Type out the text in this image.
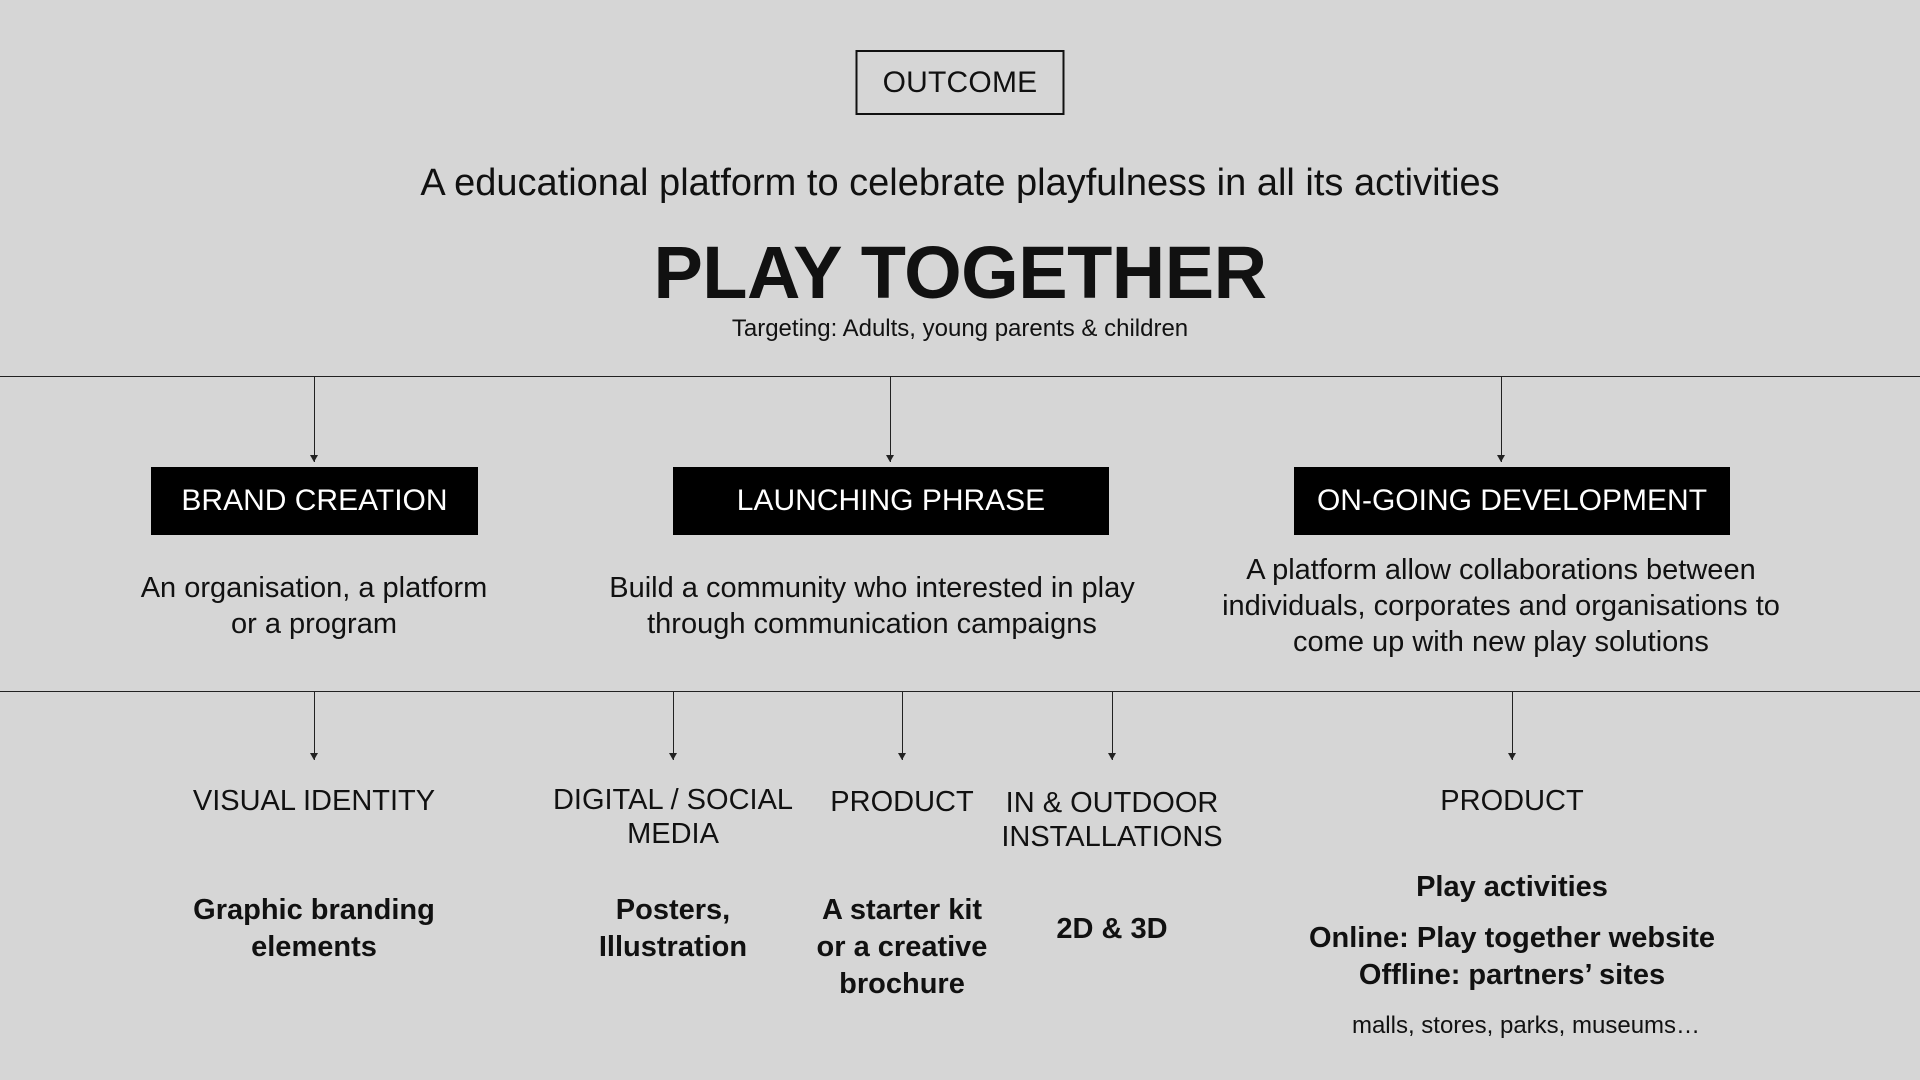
OUTCOME
A educational platform to celebrate playfulness in all its activities
PLAY TOGETHER
Targeting: Adults, young parents & children
BRAND CREATION	LAUNCHING PHRASE	ON-GOING DEVELOPMENT
An organisation, a platform
or a program
Build a community who interested in play
through communication campaigns
A platform allow collaborations between
individuals, corporates and organisations to
come up with new play solutions
VISUAL IDENTITY	DIGITAL / SOCIAL
MEDIA
PRODUCT	IN & OUTDOOR
INSTALLATIONS
PRODUCT
Graphic branding
elements
Posters,
Illustration
A starter kit
or a creative
brochure
2D & 3D
Play activities
Online: Play together website
Offline: partners’ sites
malls, stores, parks, museums…
